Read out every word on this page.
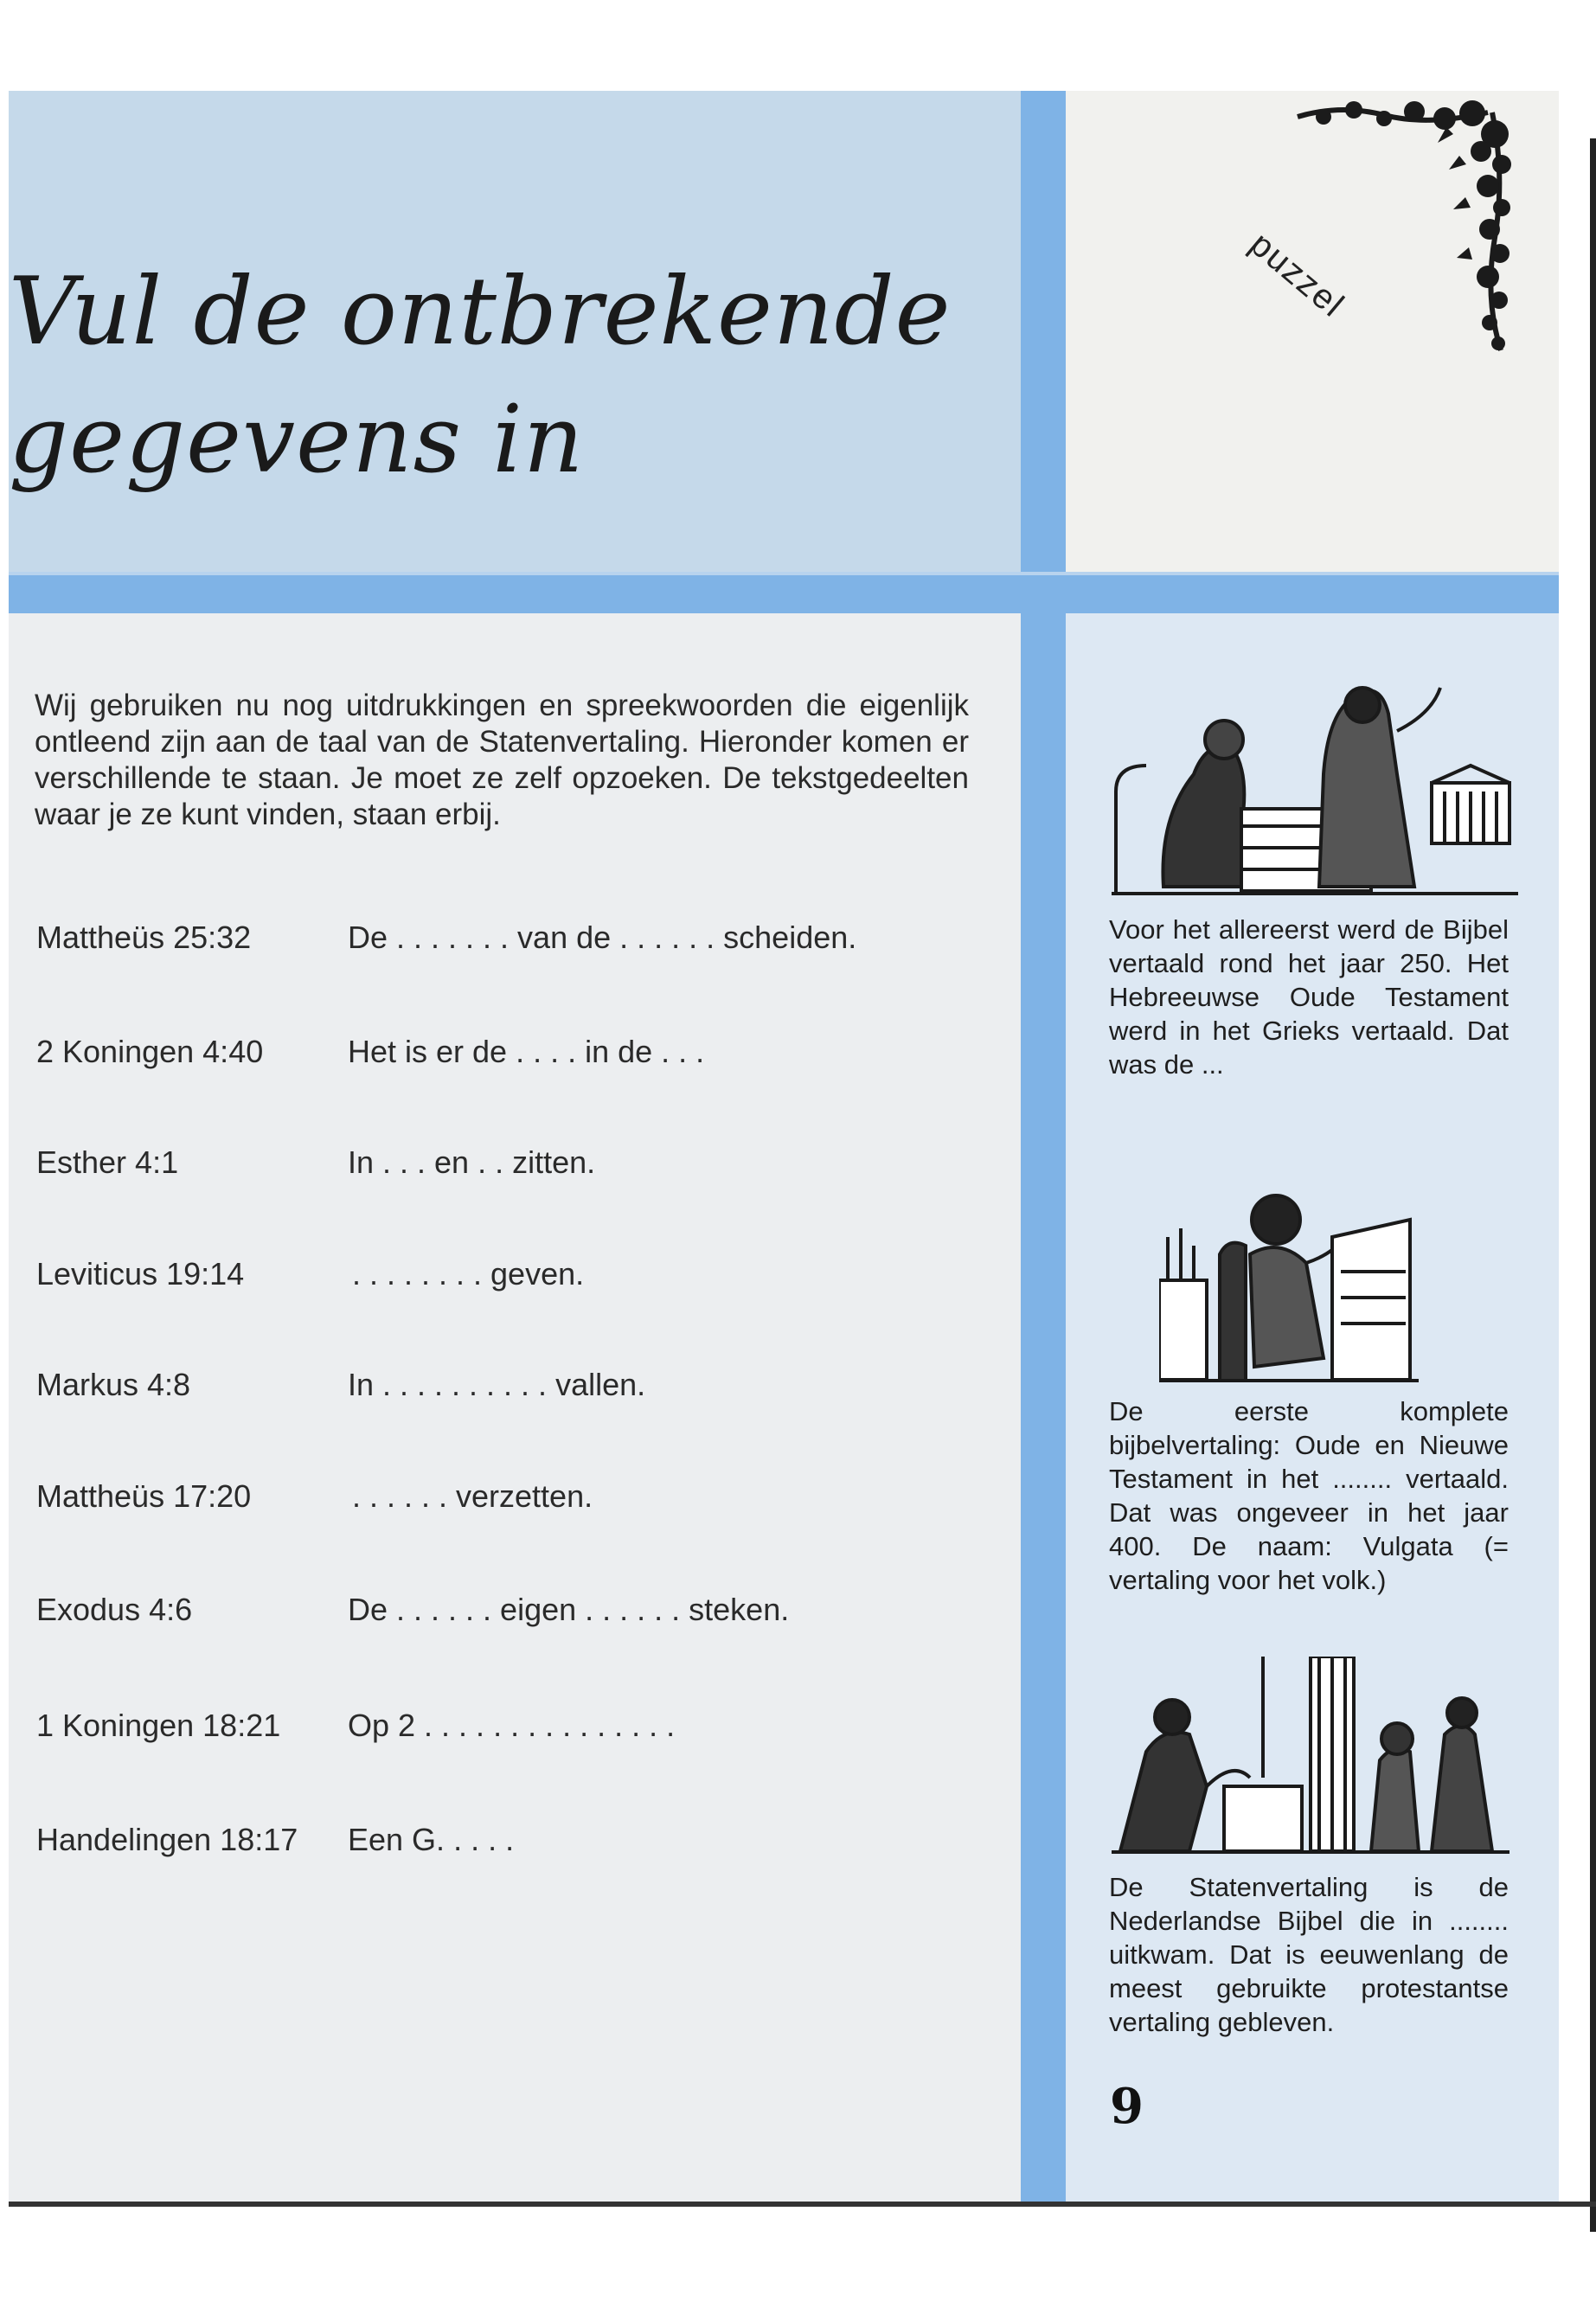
Vul de ontbrekende
gegevens in
puzzel

Wij gebruiken nu nog uitdrukkingen en spreekwoorden die eigenlijk ontleend zijn aan de taal van de Statenvertaling. Hieronder komen er verschillende te staan. Je moet ze zelf opzoeken. De tekstgedeelten waar je ze kunt vinden, staan erbij.

Mattheüs 25:32	De . . . . . . . van de . . . . . . scheiden.
2 Koningen 4:40	Het is er de . . . . in de . . .
Esther 4:1	In . . . en . . zitten.
Leviticus 19:14	. . . . . . . . geven.
Markus 4:8	In . . . . . . . . . . vallen.
Mattheüs 17:20	. . . . . . verzetten.
Exodus 4:6	De . . . . . . eigen . . . . . . steken.
1 Koningen 18:21 Op 2 . . . . . . . . . . . . . . .
Handelingen 18:17 Een G. . . . .

Voor het allereerst werd de Bijbel vertaald rond het jaar 250. Het Hebreeuwse Oude Testament werd in het Grieks vertaald. Dat was de ...

De eerste komplete bijbelvertaling: Oude en Nieuwe Testament in het ........ vertaald. Dat was ongeveer in het jaar 400. De naam: Vulgata (= vertaling voor het volk.)

De Statenvertaling is de Nederlandse Bijbel die in ........ uitkwam. Dat is eeuwenlang de meest gebruikte protestantse vertaling gebleven.

9
